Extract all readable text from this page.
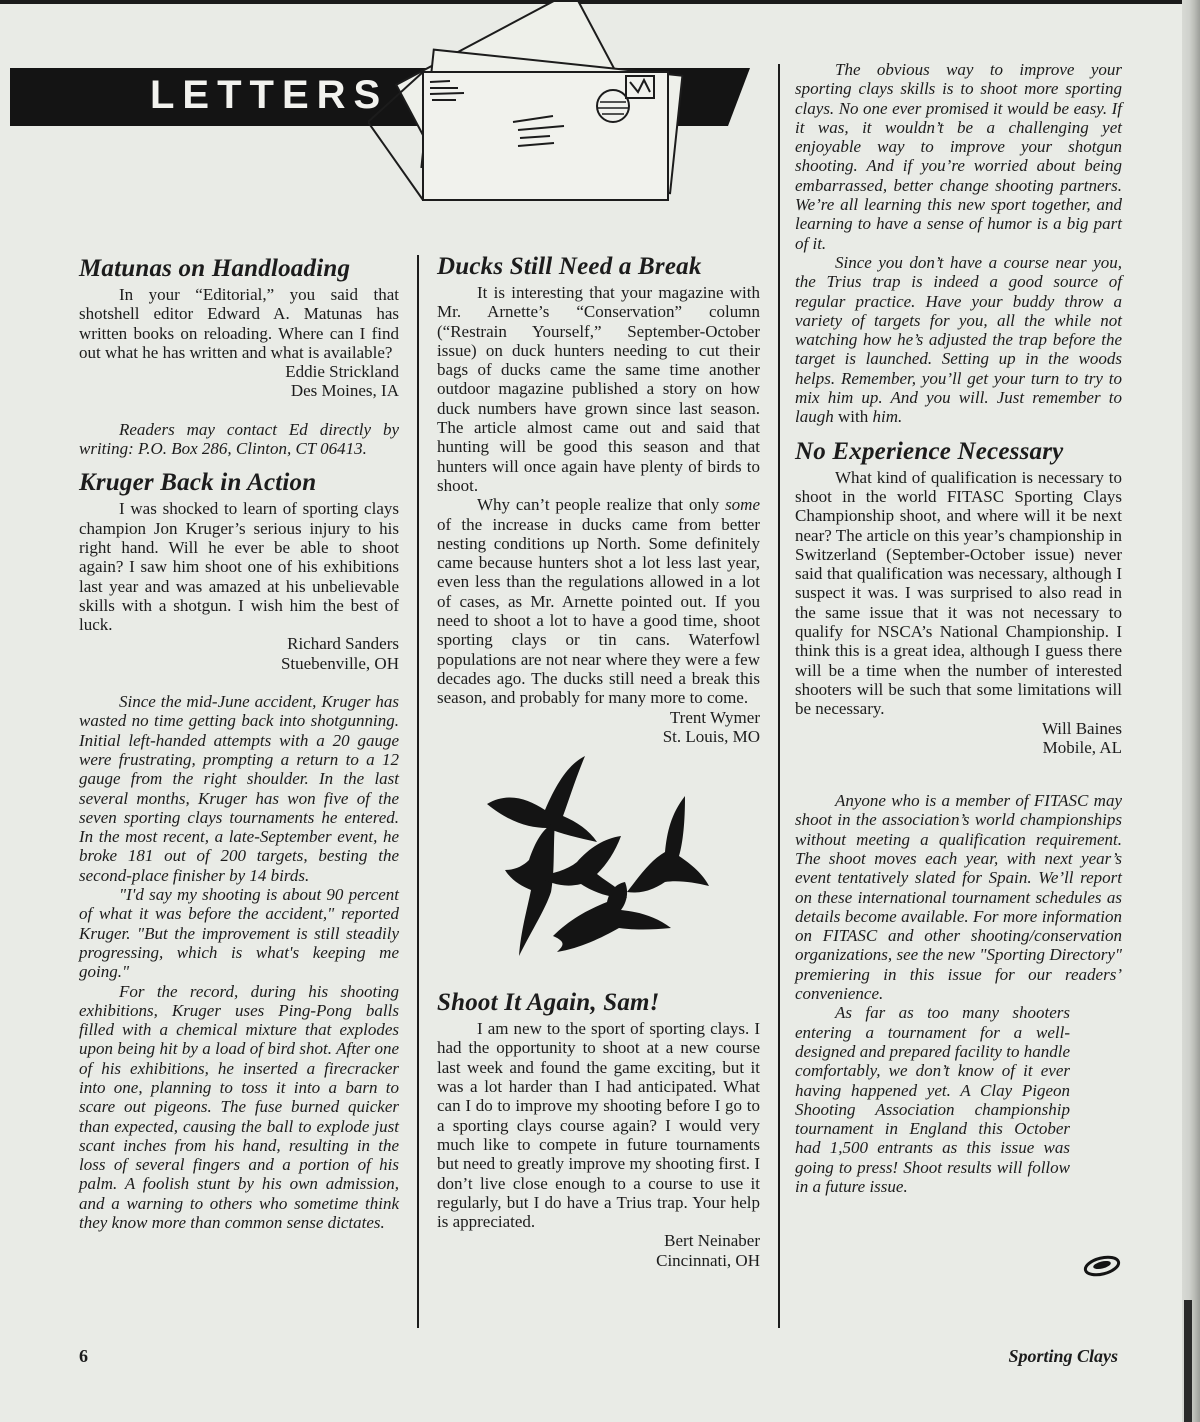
LETTERS
Matunas on Handloading

In your “Editorial,” you said that shotshell editor Edward A. Matunas has written books on reloading. Where can I find out what he has written and what is available?

Eddie Strickland
Des Moines, IA

Readers may contact Ed directly by writing: P.O. Box 286, Clinton, CT 06413.

Kruger Back in Action

I was shocked to learn of sporting clays champion Jon Kruger’s serious injury to his right hand. Will he ever be able to shoot again? I saw him shoot one of his exhibitions last year and was amazed at his unbelievable skills with a shotgun. I wish him the best of luck.

Richard Sanders
Stuebenville, OH

Since the mid-June accident, Kruger has wasted no time getting back into shotgunning. Initial left-handed attempts with a 20 gauge were frustrating, prompting a return to a 12 gauge from the right shoulder. In the last several months, Kruger has won five of the seven sporting clays tournaments he entered. In the most recent, a late-September event, he broke 181 out of 200 targets, besting the second-place finisher by 14 birds.

"I'd say my shooting is about 90 percent of what it was before the accident," reported Kruger. "But the improvement is still steadily progressing, which is what's keeping me going."

For the record, during his shooting exhibitions, Kruger uses Ping-Pong balls filled with a chemical mixture that explodes upon being hit by a load of bird shot. After one of his exhibitions, he inserted a firecracker into one, planning to toss it into a barn to scare out pigeons. The fuse burned quicker than expected, causing the ball to explode just scant inches from his hand, resulting in the loss of several fingers and a portion of his palm. A foolish stunt by his own admission, and a warning to others who sometime think they know more than common sense dictates.

Ducks Still Need a Break

It is interesting that your magazine with Mr. Arnette’s “Conservation” column (“Restrain Yourself,” September-October issue) on duck hunters needing to cut their bags of ducks came the same time another outdoor magazine published a story on how duck numbers have grown since last season. The article almost came out and said that hunting will be good this season and that hunters will once again have plenty of birds to shoot.

Why can’t people realize that only some of the increase in ducks came from better nesting conditions up North. Some definitely came because hunters shot a lot less last year, even less than the regulations allowed in a lot of cases, as Mr. Arnette pointed out. If you need to shoot a lot to have a good time, shoot sporting clays or tin cans. Waterfowl populations are not near where they were a few decades ago. The ducks still need a break this season, and probably for many more to come.

Trent Wymer
St. Louis, MO
Shoot It Again, Sam!

I am new to the sport of sporting clays. I had the opportunity to shoot at a new course last week and found the game exciting, but it was a lot harder than I had anticipated. What can I do to improve my shooting before I go to a sporting clays course again? I would very much like to compete in future tournaments but need to greatly improve my shooting first. I don’t live close enough to a course to use it regularly, but I do have a Trius trap. Your help is appreciated.

Bert Neinaber
Cincinnati, OH

The obvious way to improve your sporting clays skills is to shoot more sporting clays. No one ever promised it would be easy. If it was, it wouldn’t be a challenging yet enjoyable way to improve your shotgun shooting. And if you’re worried about being embarrassed, better change shooting partners. We’re all learning this new sport together, and learning to have a sense of humor is a big part of it.

Since you don’t have a course near you, the Trius trap is indeed a good source of regular practice. Have your buddy throw a variety of targets for you, all the while not watching how he’s adjusted the trap before the target is launched. Setting up in the woods helps. Remember, you’ll get your turn to try to mix him up. And you will. Just remember to laugh with him.

No Experience Necessary

What kind of qualification is necessary to shoot in the world FITASC Sporting Clays Championship shoot, and where will it be next near? The article on this year’s championship in Switzerland (September-October issue) never said that qualification was necessary, although I suspect it was. I was surprised to also read in the same issue that it was not necessary to qualify for NSCA’s National Championship. I think this is a great idea, although I guess there will be a time when the number of interested shooters will be such that some limitations will be necessary.

Will Baines
Mobile, AL

Anyone who is a member of FITASC may shoot in the association’s world championships without meeting a qualification requirement. The shoot moves each year, with next year’s event tentatively slated for Spain. We’ll report on these international tournament schedules as details become available. For more information on FITASC and other shooting/conservation organizations, see the new "Sporting Directory" premiering in this issue for our readers’ convenience.

As far as too many shooters entering a tournament for a well-designed and prepared facility to handle comfortably, we don’t know of it ever having happened yet. A Clay Pigeon Shooting Association championship tournament in England this October had 1,500 entrants as this issue was going to press! Shoot results will follow in a future issue.

6	Sporting Clays
